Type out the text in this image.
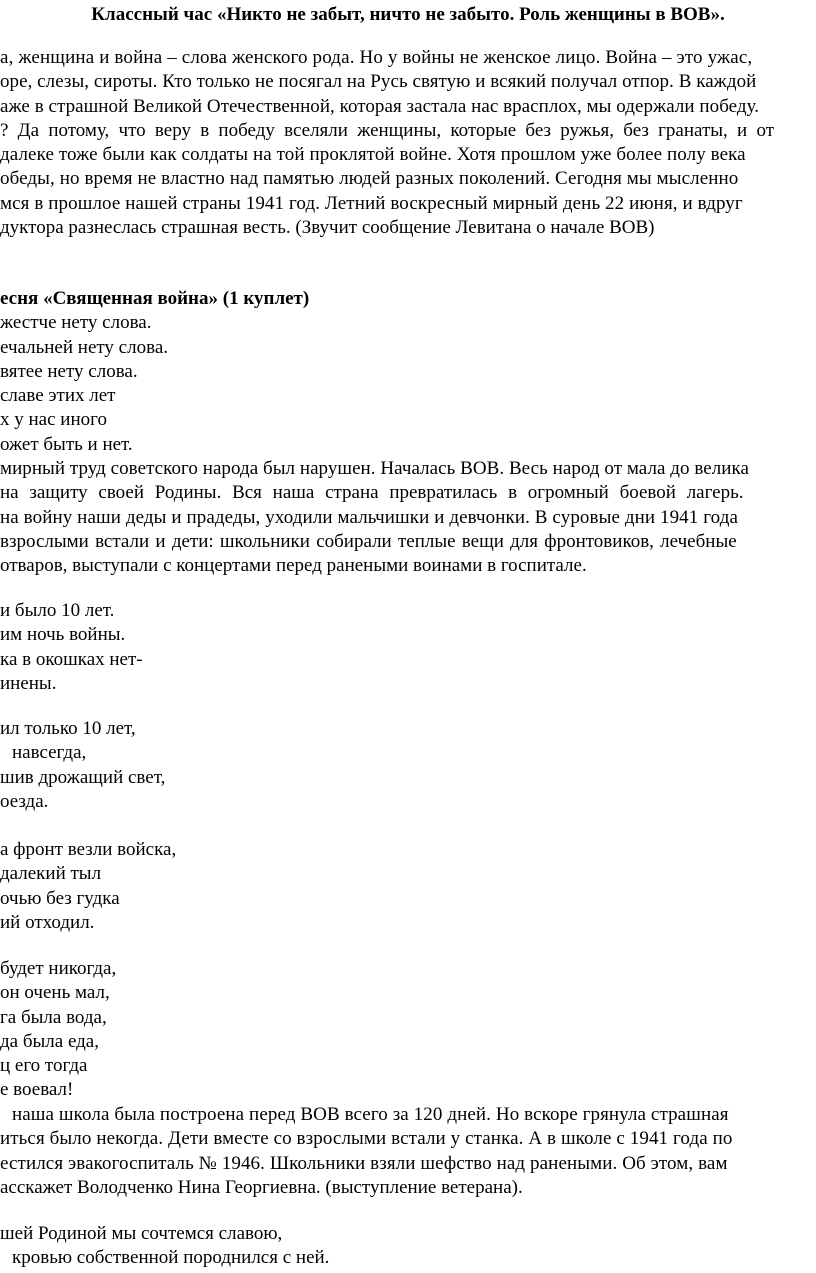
Классный час «Никто не забыт, ничто не забыто. Роль женщины в ВОВ».
а, женщина и война – слова женского рода. Но у войны не женское лицо. Война – это ужас,
оре, слезы, сироты. Кто только не посягал на Русь святую и всякий получал отпор. В каждой
аже в страшной Великой Отечественной, которая застала нас врасплох, мы одержали победу.
? Да потому, что веру в победу вселяли женщины, которые без ружья, без гранаты, и от
далеке тоже были как солдаты на той проклятой войне. Хотя прошлом уже более полу века
обеды, но время не властно над памятью людей разных поколений. Сегодня мы мысленно
мся в прошлое нашей страны 1941 год. Летний воскресный мирный день 22 июня, и вдруг
дуктора разнеслась страшная весть. (Звучит сообщение Левитана о начале ВОВ)
есня «Священная война» (1 куплет)
жестче нету слова.
ечальней нету слова.
вятее нету слова.
славе этих лет
х у нас иного
ожет быть и нет.
мирный труд советского народа был нарушен. Началась ВОВ. Весь народ от мала до велика
на защиту своей Родины. Вся наша страна превратилась в огромный боевой лагерь.
на войну наши деды и прадеды, уходили мальчишки и девчонки. В суровые дни 1941 года
взрослыми встали и дети: школьники собирали теплые вещи для фронтовиков, лечебные
отваров, выступали с концертами перед ранеными воинами в госпитале.
и было 10 лет.
им ночь войны.
ка в окошках нет-
инены.
ил только 10 лет,
навсегда,
шив дрожащий свет,
оезда.
а фронт везли войска,
далекий тыл
очью без гудка
ий отходил.
будет никогда,
он очень мал,
га была вода,
да была еда,
ц его тогда
е воевал!
наша школа была построена перед ВОВ всего за 120 дней. Но вскоре грянула страшная
иться было некогда. Дети вместе со взрослыми встали у станка. А в школе с 1941 года по
естился эвакогоспиталь № 1946. Школьники взяли шефство над ранеными. Об этом, вам
асскажет Володченко Нина Георгиевна. (выступление ветерана).
шей Родиной мы сочтемся славою,
кровью собственной породнился с ней.
